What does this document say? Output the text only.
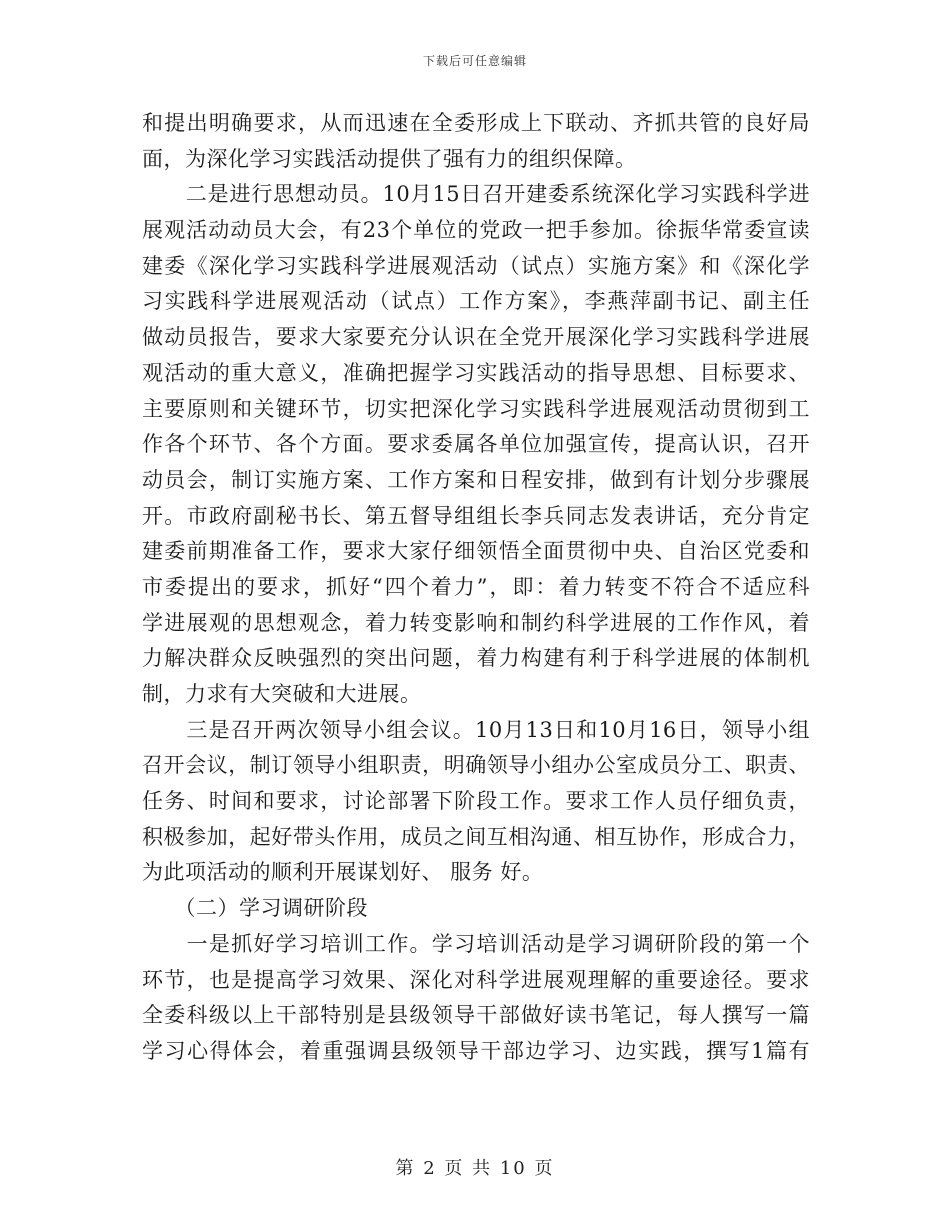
下载后可任意编辑
和提出明确要求，从而迅速在全委形成上下联动、齐抓共管的良好局
面，为深化学习实践活动提供了强有力的组织保障。
　　二是进行思想动员。10月15日召开建委系统深化学习实践科学进
展观活动动员大会，有23个单位的党政一把手参加。徐振华常委宣读
建委《深化学习实践科学进展观活动（试点）实施方案》和《深化学
习实践科学进展观活动（试点）工作方案》，李燕萍副书记、副主任
做动员报告，要求大家要充分认识在全党开展深化学习实践科学进展
观活动的重大意义，准确把握学习实践活动的指导思想、目标要求、
主要原则和关键环节，切实把深化学习实践科学进展观活动贯彻到工
作各个环节、各个方面。要求委属各单位加强宣传，提高认识，召开
动员会，制订实施方案、工作方案和日程安排，做到有计划分步骤展
开。市政府副秘书长、第五督导组组长李兵同志发表讲话，充分肯定
建委前期准备工作，要求大家仔细领悟全面贯彻中央、自治区党委和
市委提出的要求，抓好“四个着力”，即：着力转变不符合不适应科
学进展观的思想观念，着力转变影响和制约科学进展的工作作风，着
力解决群众反映强烈的突出问题，着力构建有利于科学进展的体制机
制，力求有大突破和大进展。
　　三是召开两次领导小组会议。10月13日和10月16日，领导小组
召开会议，制订领导小组职责，明确领导小组办公室成员分工、职责、
任务、时间和要求，讨论部署下阶段工作。要求工作人员仔细负责，
积极参加，起好带头作用，成员之间互相沟通、相互协作，形成合力，
为此项活动的顺利开展谋划好、 服务 好。
　　（二）学习调研阶段
　　一是抓好学习培训工作。学习培训活动是学习调研阶段的第一个
环节，也是提高学习效果、深化对科学进展观理解的重要途径。要求
全委科级以上干部特别是县级领导干部做好读书笔记，每人撰写一篇
学习心得体会，着重强调县级领导干部边学习、边实践，撰写1篇有
第 2 页 共 10 页
